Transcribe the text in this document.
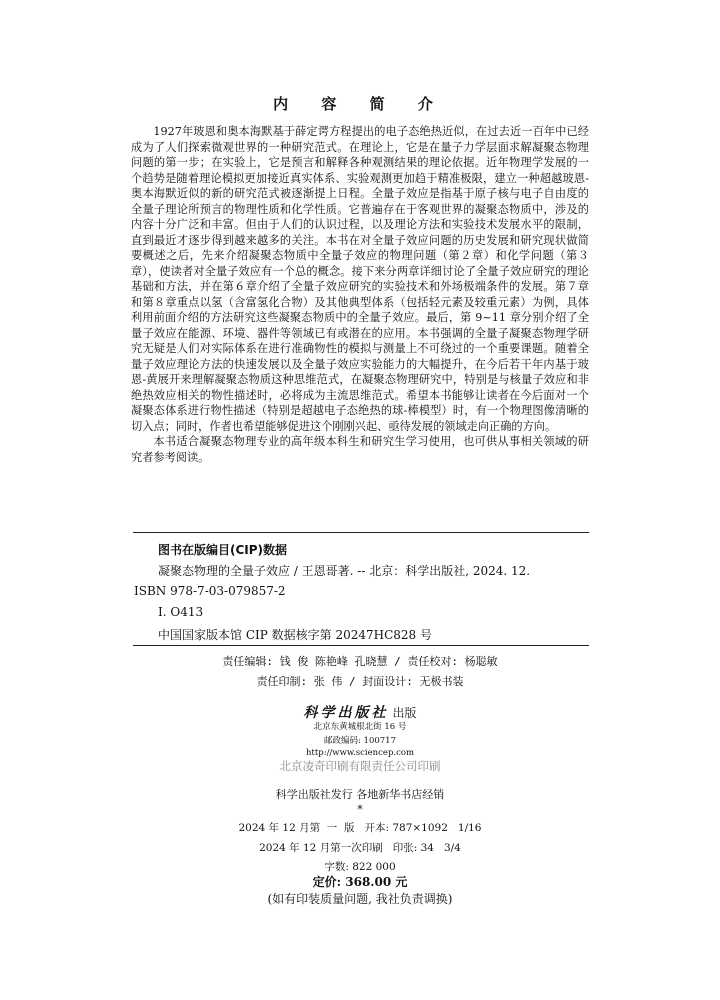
内 容 简 介

1927年玻恩和奥本海默基于薛定谔方程提出的电子态绝热近似，在过去近一百年中已经成为了人们探索微观世界的一种研究范式。在理论上，它是在量子力学层面求解凝聚态物理问题的第一步；在实验上，它是预言和解释各种观测结果的理论依据。近年物理学发展的一个趋势是随着理论模拟更加接近真实体系、实验观测更加趋于精准极限，建立一种超越玻恩-奥本海默近似的新的研究范式被逐渐提上日程。全量子效应是指基于原子核与电子自由度的全量子理论所预言的物理性质和化学性质。它普遍存在于客观世界的凝聚态物质中，涉及的内容十分广泛和丰富。但由于人们的认识过程，以及理论方法和实验技术发展水平的限制，直到最近才逐步得到越来越多的关注。本书在对全量子效应问题的历史发展和研究现状做简要概述之后，先来介绍凝聚态物质中全量子效应的物理问题（第２章）和化学问题（第３章），使读者对全量子效应有一个总的概念。接下来分两章详细讨论了全量子效应研究的理论基础和方法，并在第６章介绍了全量子效应研究的实验技术和外场极端条件的发展。第７章和第８章重点以氢（含富氢化合物）及其他典型体系（包括轻元素及较重元素）为例，具体利用前面介绍的方法研究这些凝聚态物质中的全量子效应。最后，第 9~11 章分别介绍了全量子效应在能源、环境、器件等领域已有或潜在的应用。本书强调的全量子凝聚态物理学研究无疑是人们对实际体系在进行准确物性的模拟与测量上不可绕过的一个重要课题。随着全量子效应理论方法的快速发展以及全量子效应实验能力的大幅提升，在今后若干年内基于玻恩-黄展开来理解凝聚态物质这种思维范式，在凝聚态物理研究中，特别是与核量子效应和非绝热效应相关的物性描述时，必将成为主流思维范式。希望本书能够让读者在今后面对一个凝聚态体系进行物性描述（特别是超越电子态绝热的球-棒模型）时，有一个物理图像清晰的切入点；同时，作者也希望能够促进这个刚刚兴起、亟待发展的领域走向正确的方向。

本书适合凝聚态物理专业的高年级本科生和研究生学习使用，也可供从事相关领域的研究者参考阅读。

图书在版编目(CIP)数据
凝聚态物理的全量子效应 / 王恩哥著. -- 北京：科学出版社, 2024. 12.
ISBN 978-7-03-079857-2
Ⅰ. O413
中国国家版本馆 CIP 数据核字第 20247HC828 号
责任编辑: 钱 俊 陈艳峰 孔晓慧 / 责任校对: 杨聪敏
责任印制: 张 伟 / 封面设计: 无极书装
科学出版社 出版
北京东黄城根北街 16 号
邮政编码: 100717
http://www.sciencep.com
北京凌奇印刷有限责任公司印刷
科学出版社发行 各地新华书店经销
*
2024 年 12 月第  一  版   开本: 787×1092   1/16
2024 年 12 月第一次印刷   印张: 34   3/4
字数: 822 000
定价: 368.00 元
(如有印装质量问题, 我社负责调换)
